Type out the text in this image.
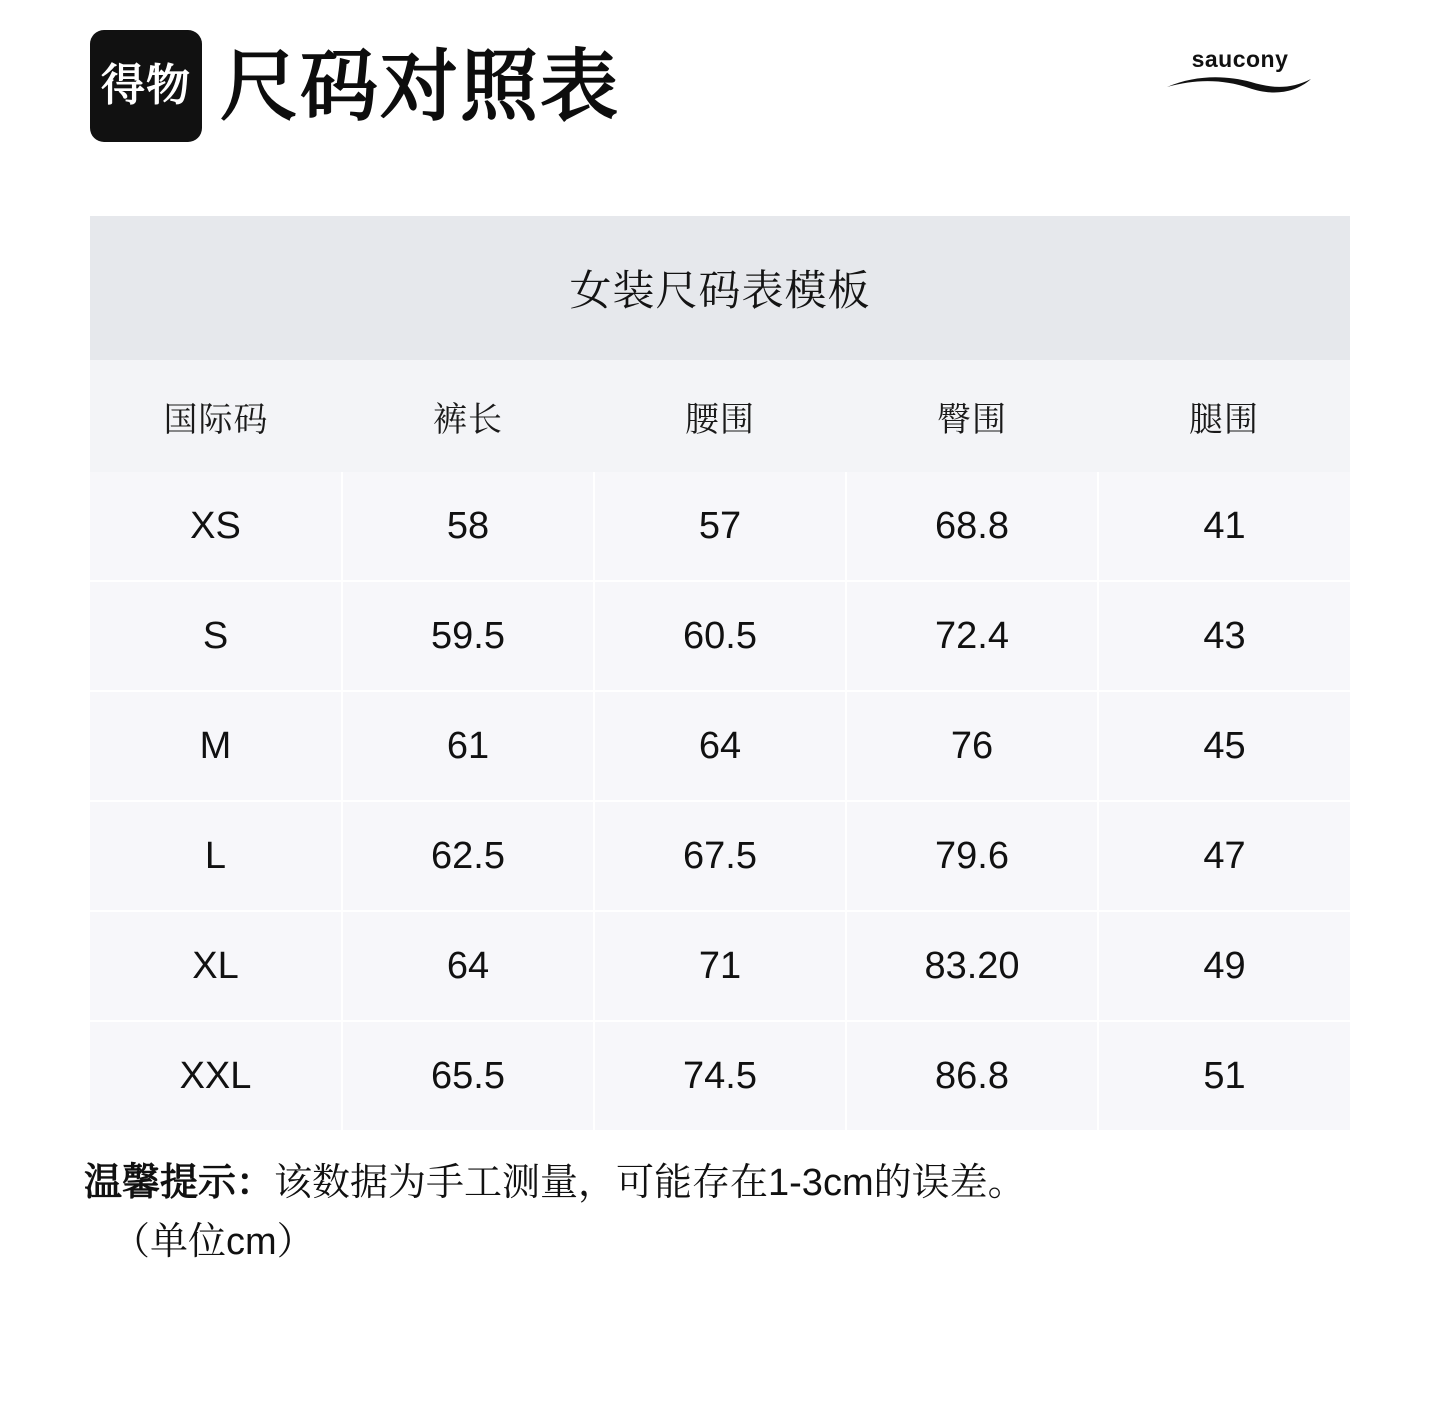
得物 尺码对照表	saucony
女装尺码表模板				
国际码	裤长	腰围	臀围	腿围
XS	58	57	68.8	41
S	59.5	60.5	72.4	43
M	61	64	76	45
L	62.5	67.5	79.6	47
XL	64	71	83.20	49
XXL	65.5	74.5	86.8	51
温馨提示：该数据为手工测量，可能存在1-3cm的误差。
（单位cm）
